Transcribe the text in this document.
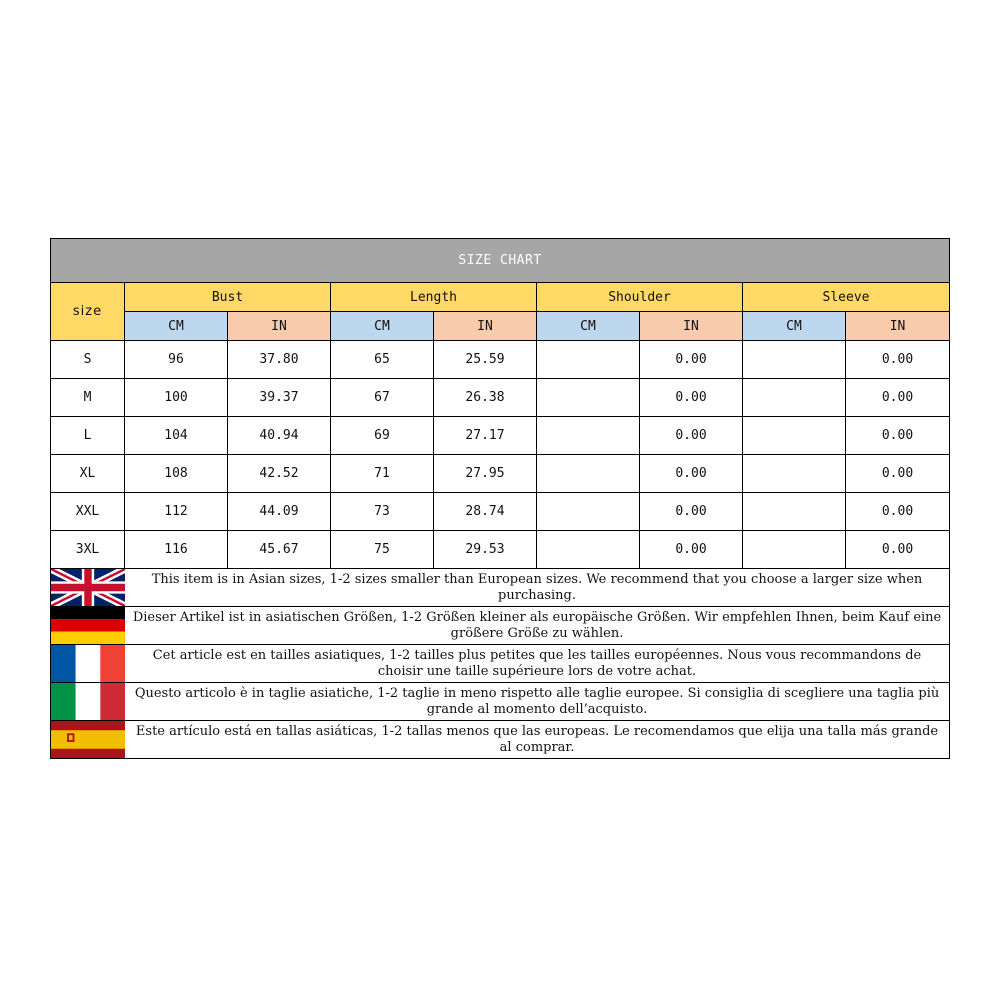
SIZE CHART								
size	Bust		Length		Shoulder		Sleeve	
	CM	IN	CM	IN	CM	IN	CM	IN
S	96	37.80	65	25.59		0.00		0.00
M	100	39.37	67	26.38		0.00		0.00
L	104	40.94	69	27.17		0.00		0.00
XL	108	42.52	71	27.95		0.00		0.00
XXL	112	44.09	73	28.74		0.00		0.00
3XL	116	45.67	75	29.53		0.00		0.00

	This item is in Asian sizes, 1-2 sizes smaller than European sizes. We recommend that you choose a larger size when purchasing.							

	Dieser Artikel ist in asiatischen Größen, 1-2 Größen kleiner als europäische Größen. Wir empfehlen Ihnen, beim Kauf eine größere Größe zu wählen.							

	Cet article est en tailles asiatiques, 1-2 tailles plus petites que les tailles européennes. Nous vous recommandons de choisir une taille supérieure lors de votre achat.							

	Questo articolo è in taglie asiatiche, 1-2 taglie in meno rispetto alle taglie europee. Si consiglia di scegliere una taglia più grande al momento dell’acquisto.							

	Este artículo está en tallas asiáticas, 1-2 tallas menos que las europeas. Le recomendamos que elija una talla más grande al comprar.							
